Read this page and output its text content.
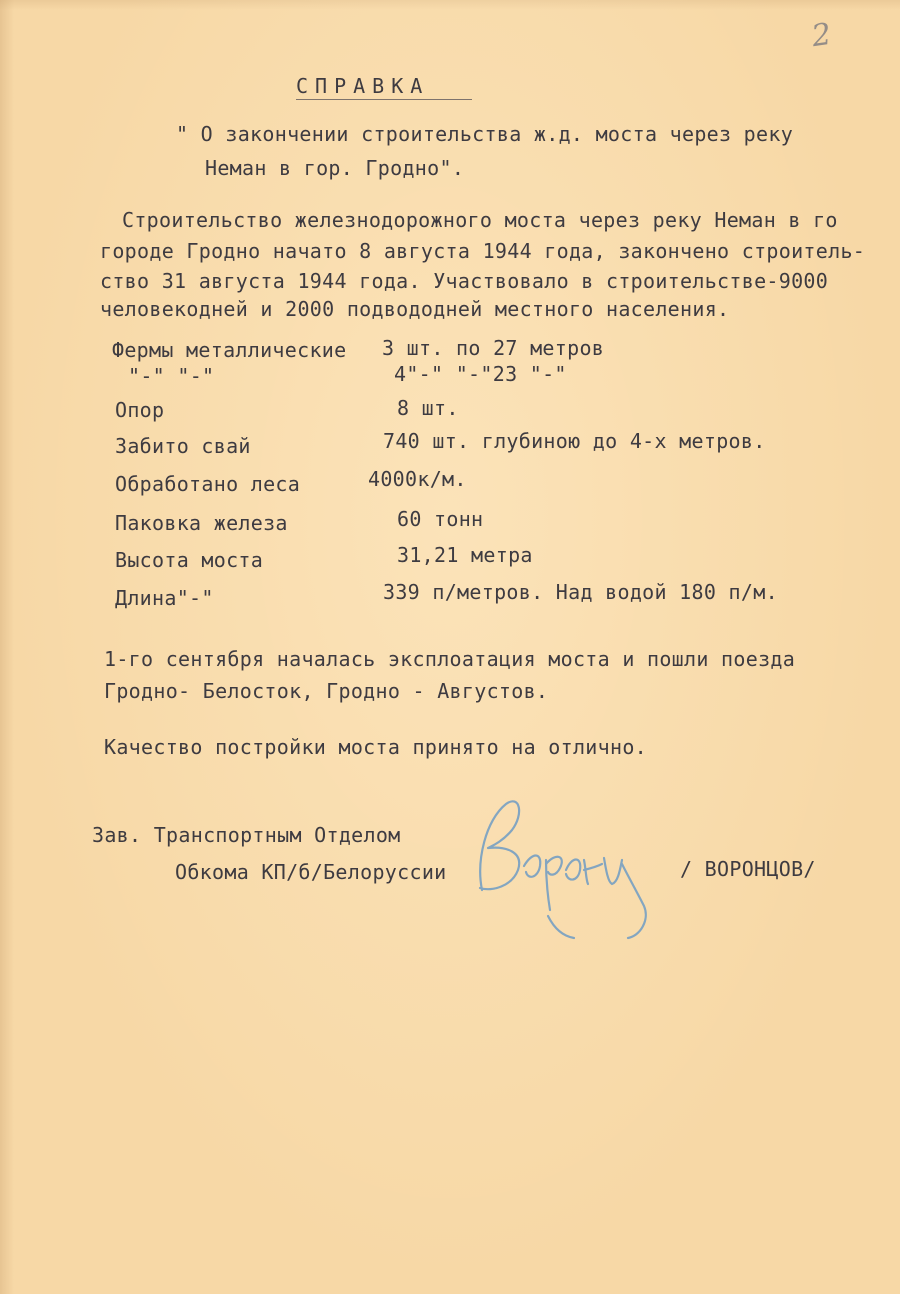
2
СПРАВКА
" О закончении строительства ж.д. моста через реку
Неман в гор. Гродно".
Строительство железнодорожного моста через реку Неман в го
городе Гродно начато 8 августа 1944 года, закончено строитель-
ство 31 августа 1944 года. Участвовало в строительстве-9000
человекодней и 2000 подвододней местного населения.
Фермы металлические 3 шт. по 27 метров
"-" "-"	4"-" "-"23 "-"
Опор	8 шт.
Забито свай	740 шт. глубиною до 4-х метров.
Обработано леса	4000к/м.
Паковка железа	60 тонн
Высота моста	31,21 метра
Длина"-"	339 п/метров. Над водой 180 п/м.
1-го сентября началась эксплоатация моста и пошли поезда
Гродно- Белосток, Гродно - Августов.
Качество постройки моста принято на отлично.
Зав. Транспортным Отделом
Обкома КП/б/Белоруссии	/ ВОРОНЦОВ/
